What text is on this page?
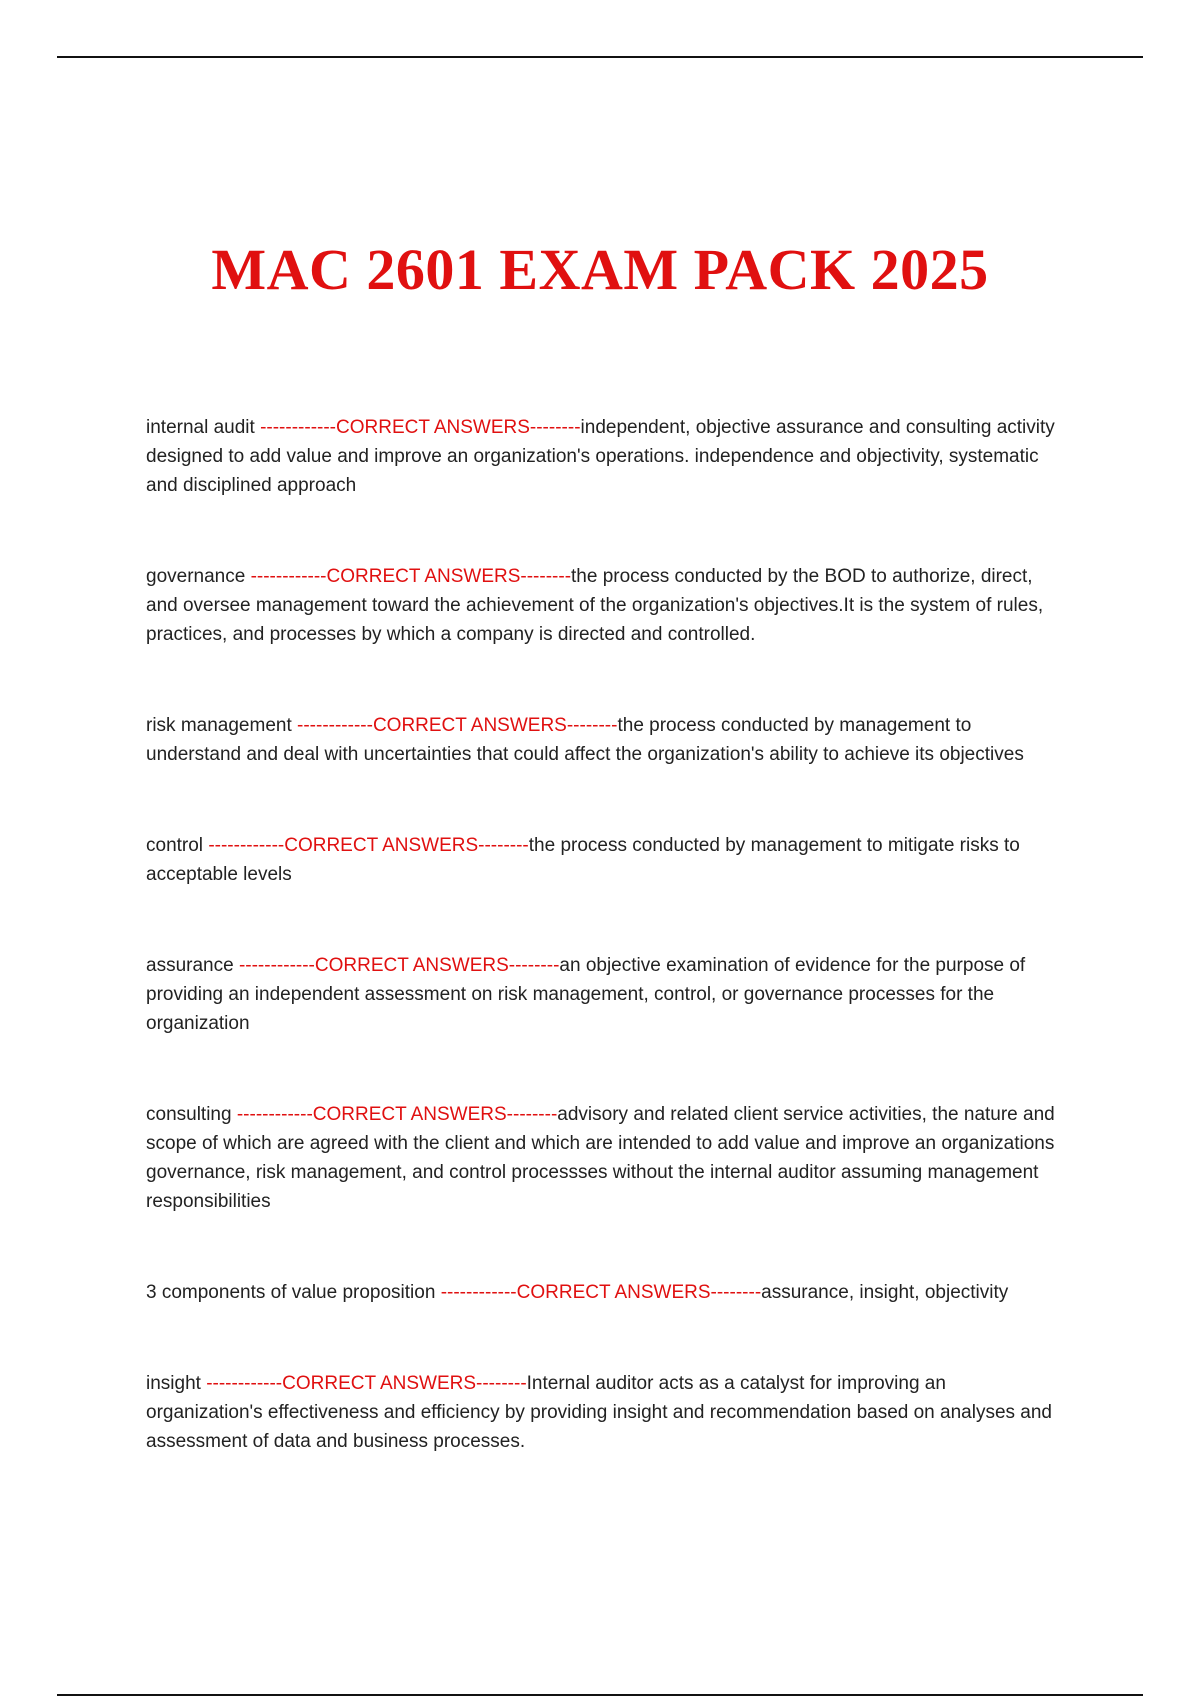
MAC 2601 EXAM PACK 2025

internal audit ------------CORRECT ANSWERS--------independent, objective assurance and consulting activity designed to add value and improve an organization's operations. independence and objectivity, systematic and disciplined approach

governance ------------CORRECT ANSWERS--------the process conducted by the BOD to authorize, direct, and oversee management toward the achievement of the organization's objectives.It is the system of rules, practices, and processes by which a company is directed and controlled.

risk management ------------CORRECT ANSWERS--------the process conducted by management to understand and deal with uncertainties that could affect the organization's ability to achieve its objectives

control ------------CORRECT ANSWERS--------the process conducted by management to mitigate risks to acceptable levels

assurance ------------CORRECT ANSWERS--------an objective examination of evidence for the purpose of providing an independent assessment on risk management, control, or governance processes for the organization

consulting ------------CORRECT ANSWERS--------advisory and related client service activities, the nature and scope of which are agreed with the client and which are intended to add value and improve an organizations governance, risk management, and control processses without the internal auditor assuming management responsibilities

3 components of value proposition ------------CORRECT ANSWERS--------assurance, insight, objectivity

insight ------------CORRECT ANSWERS--------Internal auditor acts as a catalyst for improving an organization's effectiveness and efficiency by providing insight and recommendation based on analyses and assessment of data and business processes.
